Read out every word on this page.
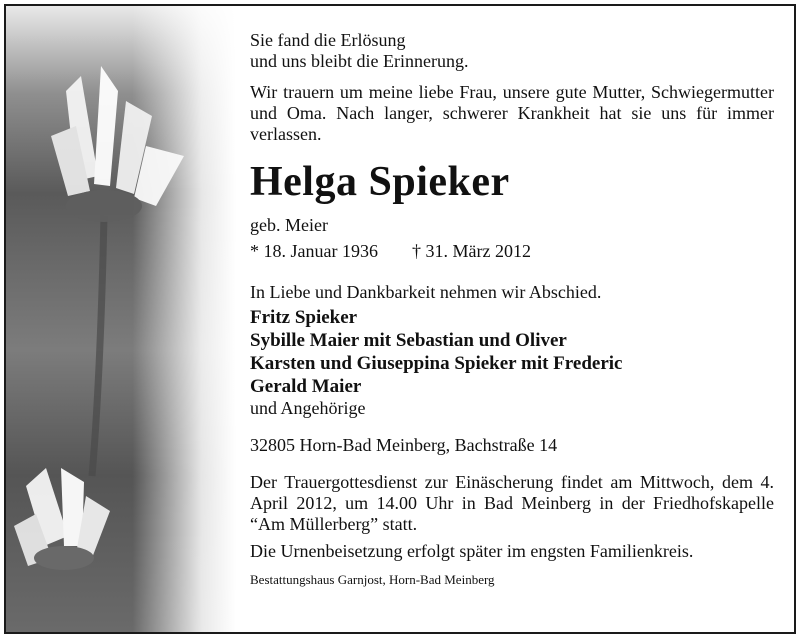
Sie fand die Erlösung

und uns bleibt die Erinnerung.

Wir trauern um meine liebe Frau, unsere gute Mutter, Schwiegermutter und Oma. Nach langer, schwerer Krankheit hat sie uns für immer verlassen.

Helga Spieker

geb. Meier

* 18. Januar 1936 † 31. März 2012

In Liebe und Dankbarkeit nehmen wir Abschied.

Fritz Spieker

Sybille Maier mit Sebastian und Oliver

Karsten und Giuseppina Spieker mit Frederic

Gerald Maier

und Angehörige

32805 Horn-Bad Meinberg, Bachstraße 14

Der Trauergottesdienst zur Einäscherung findet am Mittwoch, dem 4. April 2012, um 14.00 Uhr in Bad Meinberg in der Friedhofskapelle “Am Müllerberg” statt.

Die Urnenbeisetzung erfolgt später im engsten Familienkreis.

Bestattungshaus Garnjost, Horn-Bad Meinberg
